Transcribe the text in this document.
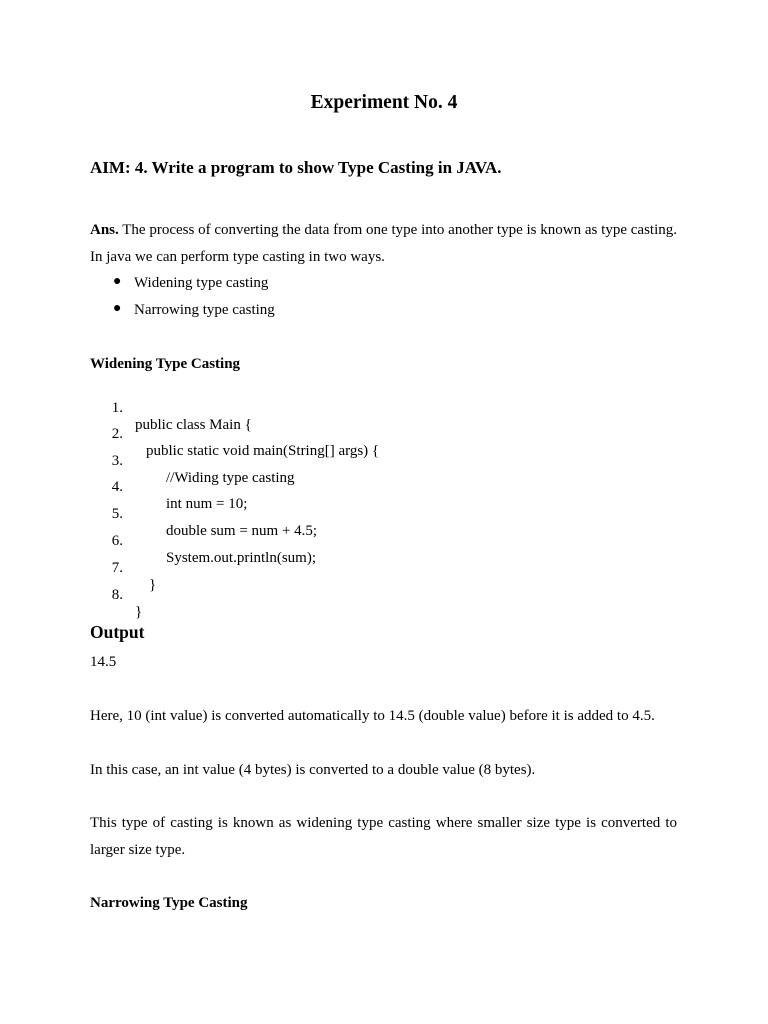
Experiment No. 4
AIM: 4. Write a program to show Type Casting in JAVA.
Ans. The process of converting the data from one type into another type is known as type casting. In java we can perform type casting in two ways.
● Widening type casting
● Narrowing type casting
Widening Type Casting

1.

public class Main {

2.

public static void main(String[] args) {

3.

//Widing type casting

4.

int num = 10;

5.

double sum = num + 4.5;

6.

System.out.println(sum);

7.

}

8.

}

Output
14.5
Here, 10 (int value) is converted automatically to 14.5 (double value) before it is added to 4.5.
In this case, an int value (4 bytes) is converted to a double value (8 bytes).
This type of casting is known as widening type casting where smaller size type is converted to larger size type.
Narrowing Type Casting
